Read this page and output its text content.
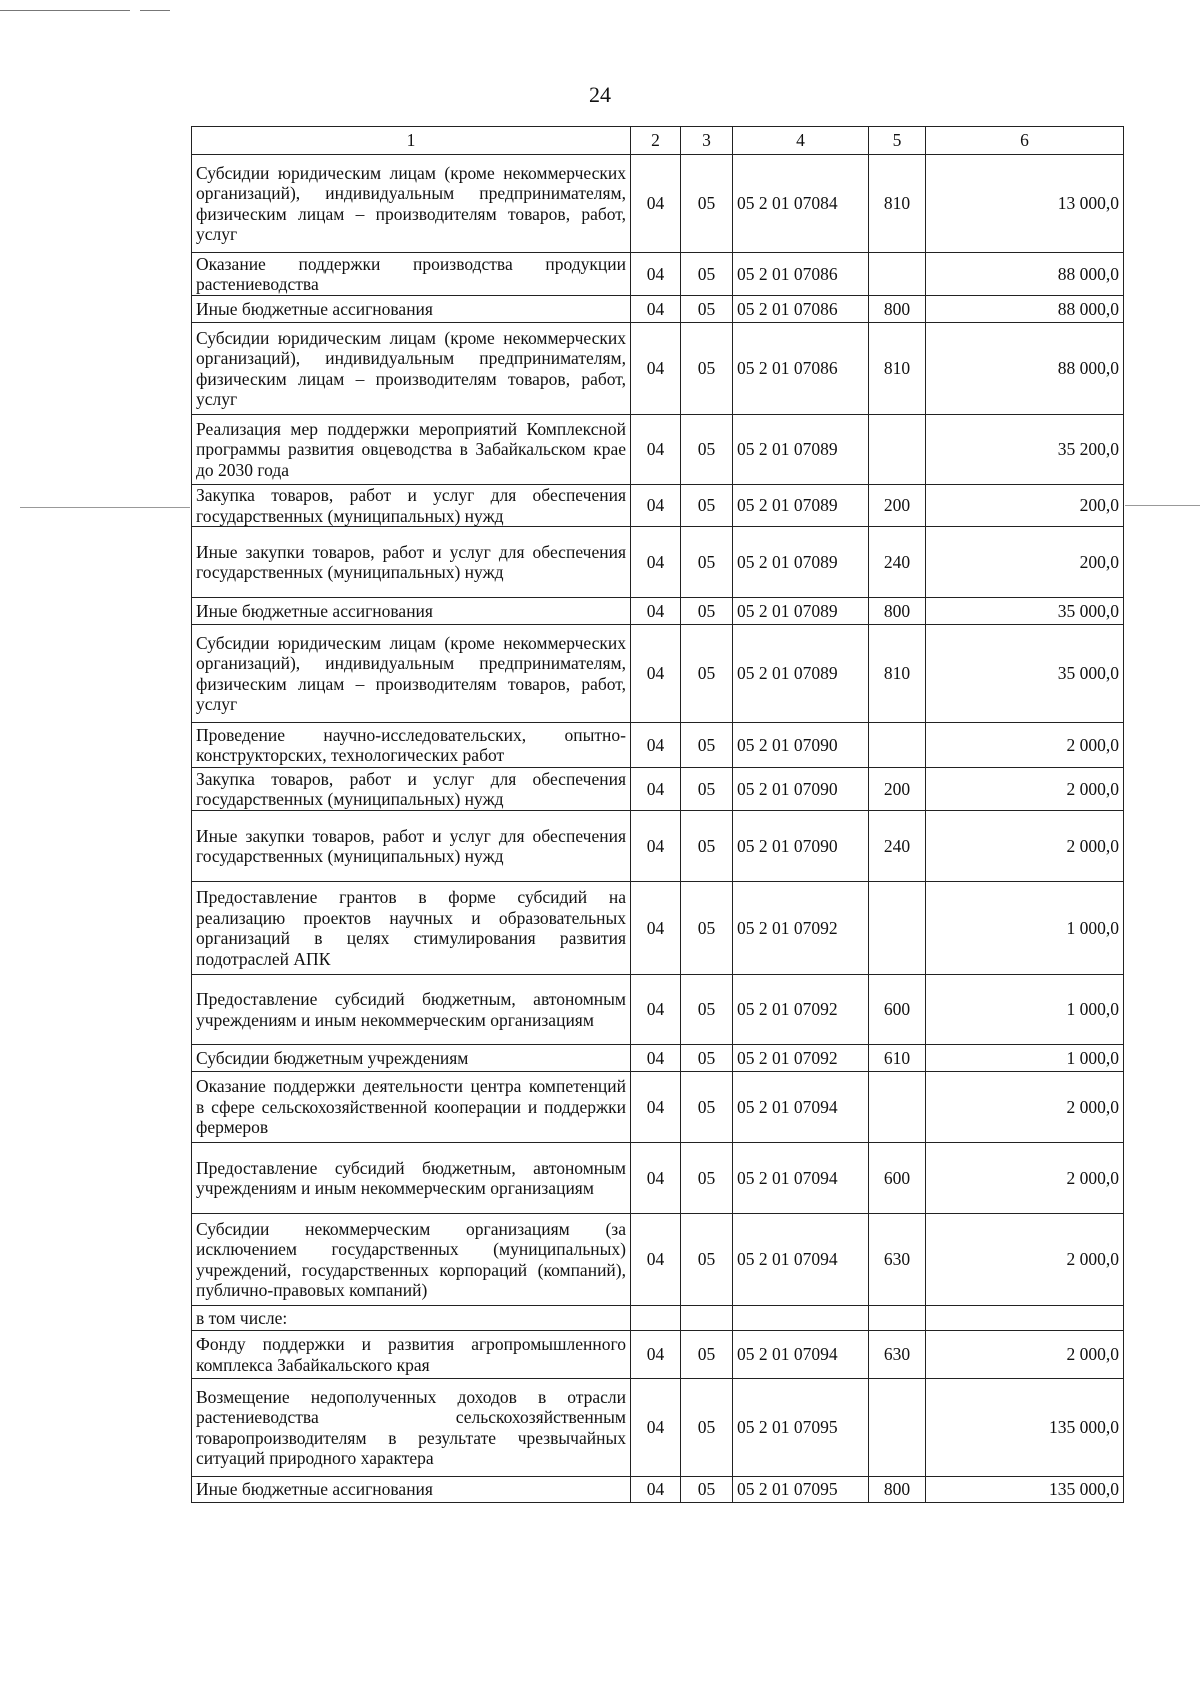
24
1	2	3	4	5	6
Субсидии юридическим лицам (кроме некоммерческих организаций), индивидуальным предпринимателям, физическим лицам – производителям товаров, работ, услуг	04	05	05 2 01 07084	810	13 000,0
Оказание поддержки производства продукции растениеводства	04	05	05 2 01 07086		88 000,0
Иные бюджетные ассигнования	04	05	05 2 01 07086	800	88 000,0
Субсидии юридическим лицам (кроме некоммерческих организаций), индивидуальным предпринимателям, физическим лицам – производителям товаров, работ, услуг	04	05	05 2 01 07086	810	88 000,0
Реализация мер поддержки мероприятий Комплексной программы развития овцеводства в Забайкальском крае до 2030 года	04	05	05 2 01 07089		35 200,0
Закупка товаров, работ и услуг для обеспечения государственных (муниципальных) нужд	04	05	05 2 01 07089	200	200,0
Иные закупки товаров, работ и услуг для обеспечения государственных (муниципальных) нужд	04	05	05 2 01 07089	240	200,0
Иные бюджетные ассигнования	04	05	05 2 01 07089	800	35 000,0
Субсидии юридическим лицам (кроме некоммерческих организаций), индивидуальным предпринимателям, физическим лицам – производителям товаров, работ, услуг	04	05	05 2 01 07089	810	35 000,0
Проведение научно-исследовательских, опытно-конструкторских, технологических работ	04	05	05 2 01 07090		2 000,0
Закупка товаров, работ и услуг для обеспечения государственных (муниципальных) нужд	04	05	05 2 01 07090	200	2 000,0
Иные закупки товаров, работ и услуг для обеспечения государственных (муниципальных) нужд	04	05	05 2 01 07090	240	2 000,0
Предоставление грантов в форме субсидий на реализацию проектов научных и образовательных организаций в целях стимулирования развития подотраслей АПК	04	05	05 2 01 07092		1 000,0
Предоставление субсидий бюджетным, автономным учреждениям и иным некоммерческим организациям	04	05	05 2 01 07092	600	1 000,0
Субсидии бюджетным учреждениям	04	05	05 2 01 07092	610	1 000,0
Оказание поддержки деятельности центра компетенций в сфере сельскохозяйственной кооперации и поддержки фермеров	04	05	05 2 01 07094		2 000,0
Предоставление субсидий бюджетным, автономным учреждениям и иным некоммерческим организациям	04	05	05 2 01 07094	600	2 000,0
Субсидии некоммерческим организациям (за исключением государственных (муниципальных) учреждений, государственных корпораций (компаний), публично-правовых компаний)	04	05	05 2 01 07094	630	2 000,0
в том числе:					
Фонду поддержки и развития агропромышленного комплекса Забайкальского края	04	05	05 2 01 07094	630	2 000,0
Возмещение недополученных доходов в отрасли растениеводства сельскохозяйственным товаропроизводителям в результате чрезвычайных ситуаций природного характера	04	05	05 2 01 07095		135 000,0
Иные бюджетные ассигнования	04	05	05 2 01 07095	800	135 000,0
